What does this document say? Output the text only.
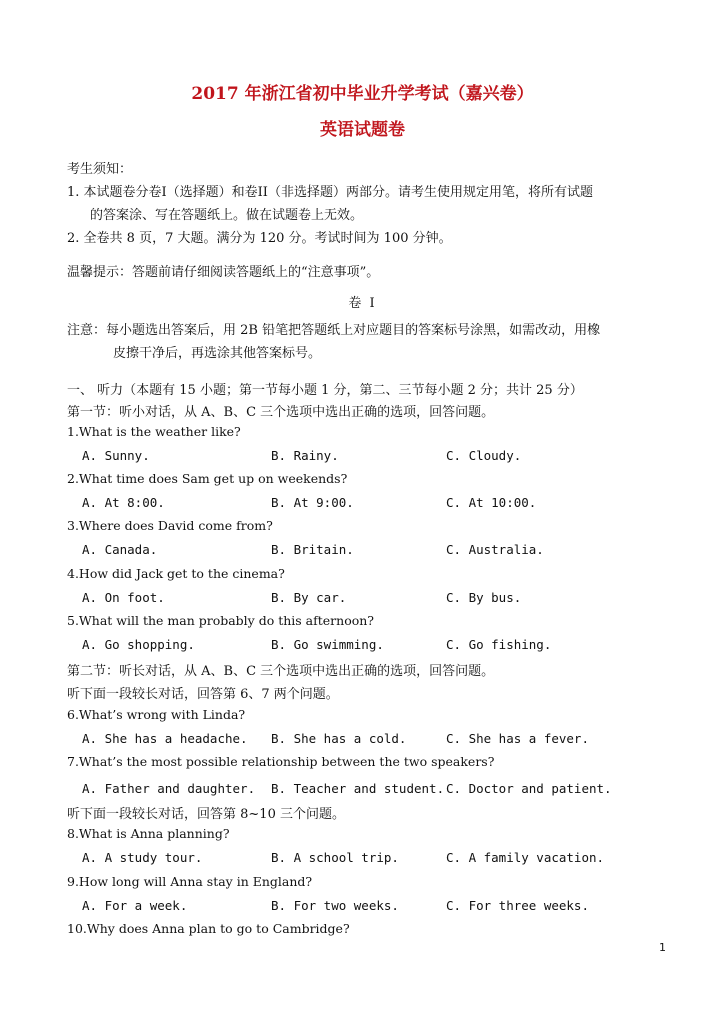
2017 年浙江省初中毕业升学考试（嘉兴卷）
英语试题卷
考生须知：
1. 本试题卷分卷Ⅰ（选择题）和卷II（非选择题）两部分。请考生使用规定用笔，将所有试题
的答案涂、写在答题纸上。做在试题卷上无效。
2. 全卷共 8 页，7 大题。满分为 120 分。考试时间为 100 分钟。
温馨提示：答题前请仔细阅读答题纸上的“注意事项”。
卷 I
注意：每小题选出答案后，用 2B 铅笔把答题纸上对应题目的答案标号涂黑，如需改动，用橡
皮擦干净后，再选涂其他答案标号。
一、 听力（本题有 15 小题；第一节每小题 1 分，第二、三节每小题 2 分；共计 25 分）
第一节：听小对话，从 A、B、C 三个选项中选出正确的选项，回答问题。
1.What is the weather like?
A. Sunny.	B. Rainy.	C. Cloudy.
2.What time does Sam get up on weekends?
A. At 8:00.	B. At 9:00.	C. At 10:00.
3.Where does David come from?
A. Canada.	B. Britain.	C. Australia.
4.How did Jack get to the cinema?
A. On foot.	B. By car.	C. By bus.
5.What will the man probably do this afternoon?
A. Go shopping.	B. Go swimming.	C. Go fishing.
第二节：听长对话，从 A、B、C 三个选项中选出正确的选项，回答问题。
听下面一段较长对话，回答第 6、7 两个问题。
6.What’s wrong with Linda?
A. She has a headache. B. She has a cold.	C. She has a fever.
7.What’s the most possible relationship between the two speakers?
A. Father and daughter. B. Teacher and student. C. Doctor and patient.
听下面一段较长对话，回答第 8~10 三个问题。
8.What is Anna planning?
A. A study tour.	B. A school trip.	C. A family vacation.
9.How long will Anna stay in England?
A. For a week.	B. For two weeks.	C. For three weeks.
10.Why does Anna plan to go to Cambridge?
1
